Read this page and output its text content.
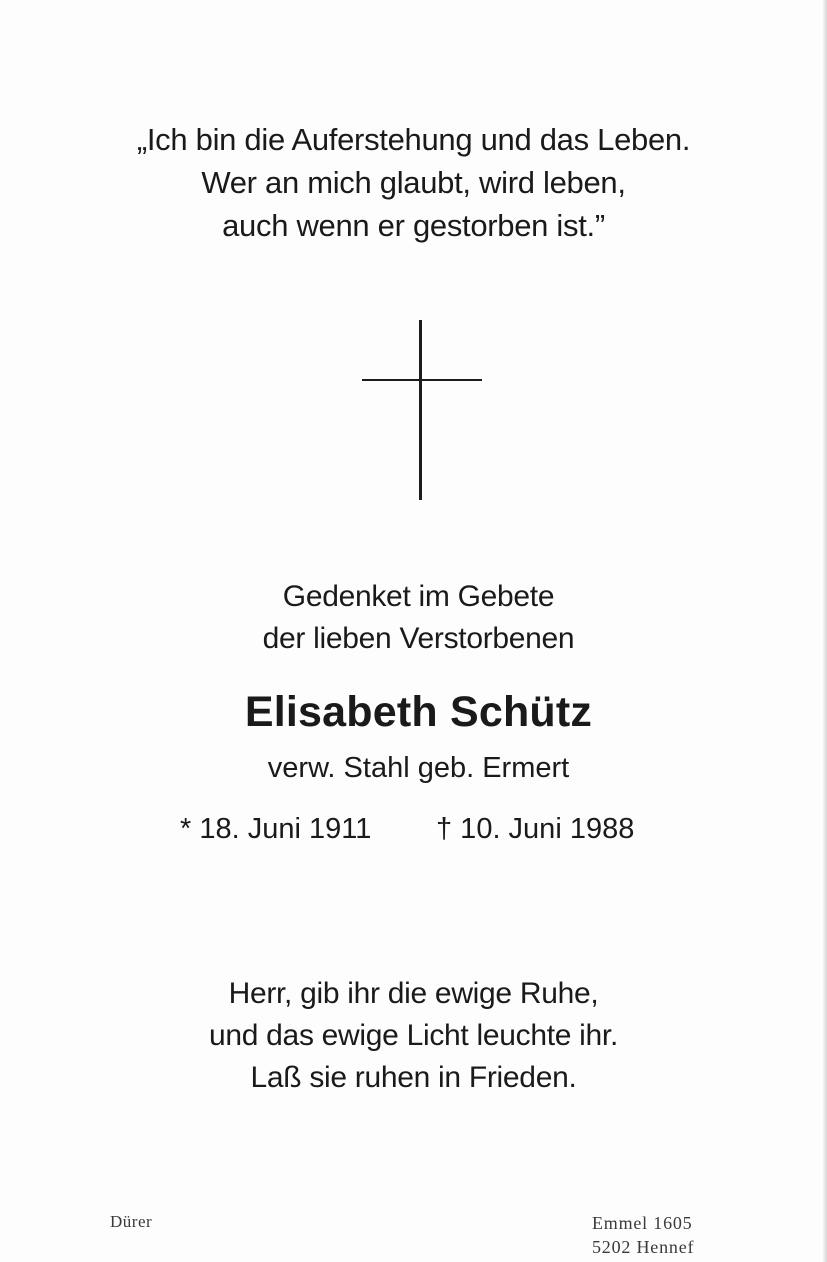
„Ich bin die Auferstehung und das Leben.
Wer an mich glaubt, wird leben,
auch wenn er gestorben ist.”
Gedenket im Gebete
der lieben Verstorbenen
Elisabeth Schütz
verw. Stahl geb. Ermert
* 18. Juni 1911 † 10. Juni 1988
Herr, gib ihr die ewige Ruhe,
und das ewige Licht leuchte ihr.
Laß sie ruhen in Frieden.
Dürer	Emmel 1605
5202 Hennef
